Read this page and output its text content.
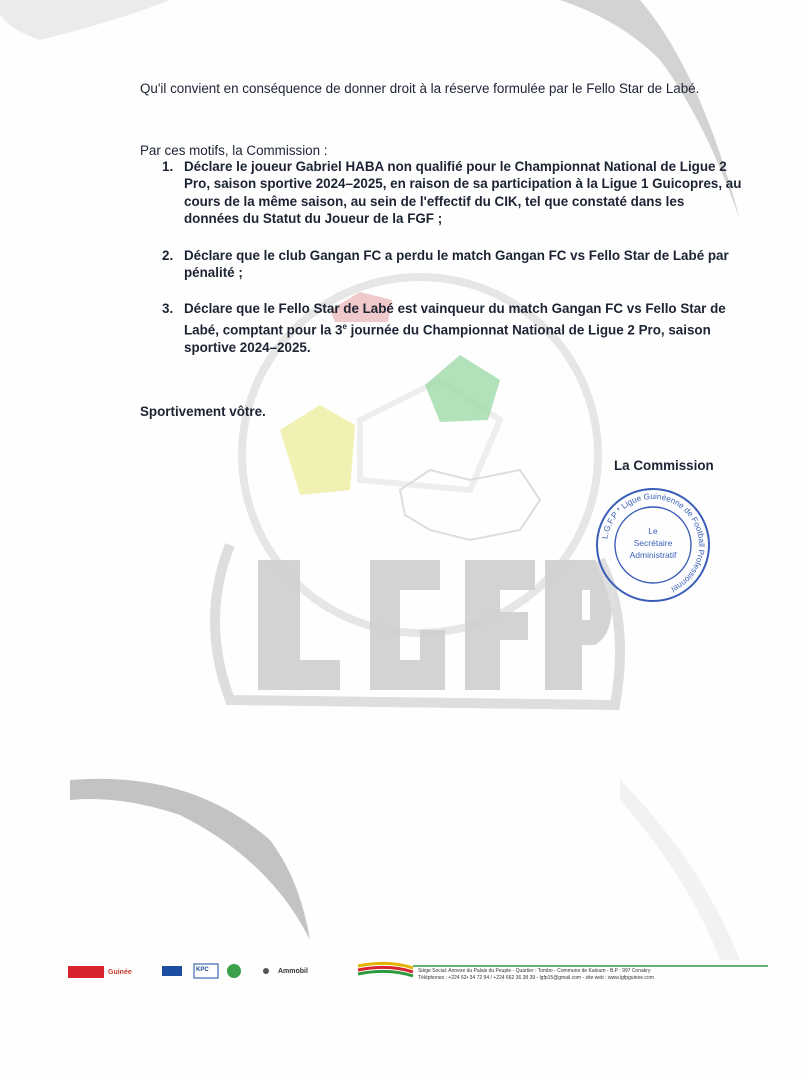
Qu'il convient en conséquence de donner droit à la réserve formulée par le Fello Star de Labé.
Par ces motifs, la Commission :
1. Déclare le joueur Gabriel HABA non qualifié pour le Championnat National de Ligue 2 Pro, saison sportive 2024–2025, en raison de sa participation à la Ligue 1 Guicopres, au cours de la même saison, au sein de l'effectif du CIK, tel que constaté dans les données du Statut du Joueur de la FGF ;
2. Déclare que le club Gangan FC a perdu le match Gangan FC vs Fello Star de Labé par pénalité ;
3. Déclare que le Fello Star de Labé est vainqueur du match Gangan FC vs Fello Star de Labé, comptant pour la 3e journée du Championnat National de Ligue 2 Pro, saison sportive 2024–2025.
Sportivement vôtre.
La Commission
L.G.F.P * Ligue Guinéenne de Football Professionnel
Le
Secrétaire
Administratif
Guinée	KPC	Ammobil	Siège Social: Annexe du Palais du Peuple - Quartier : Tombo - Commune de Kaloum - B.P : 997 Conakry
Téléphones : +224 62• 34 72 94 / +224 662 36 38 39 - lgfp15@gmail.com - site web : www.lgfpguinee.com
